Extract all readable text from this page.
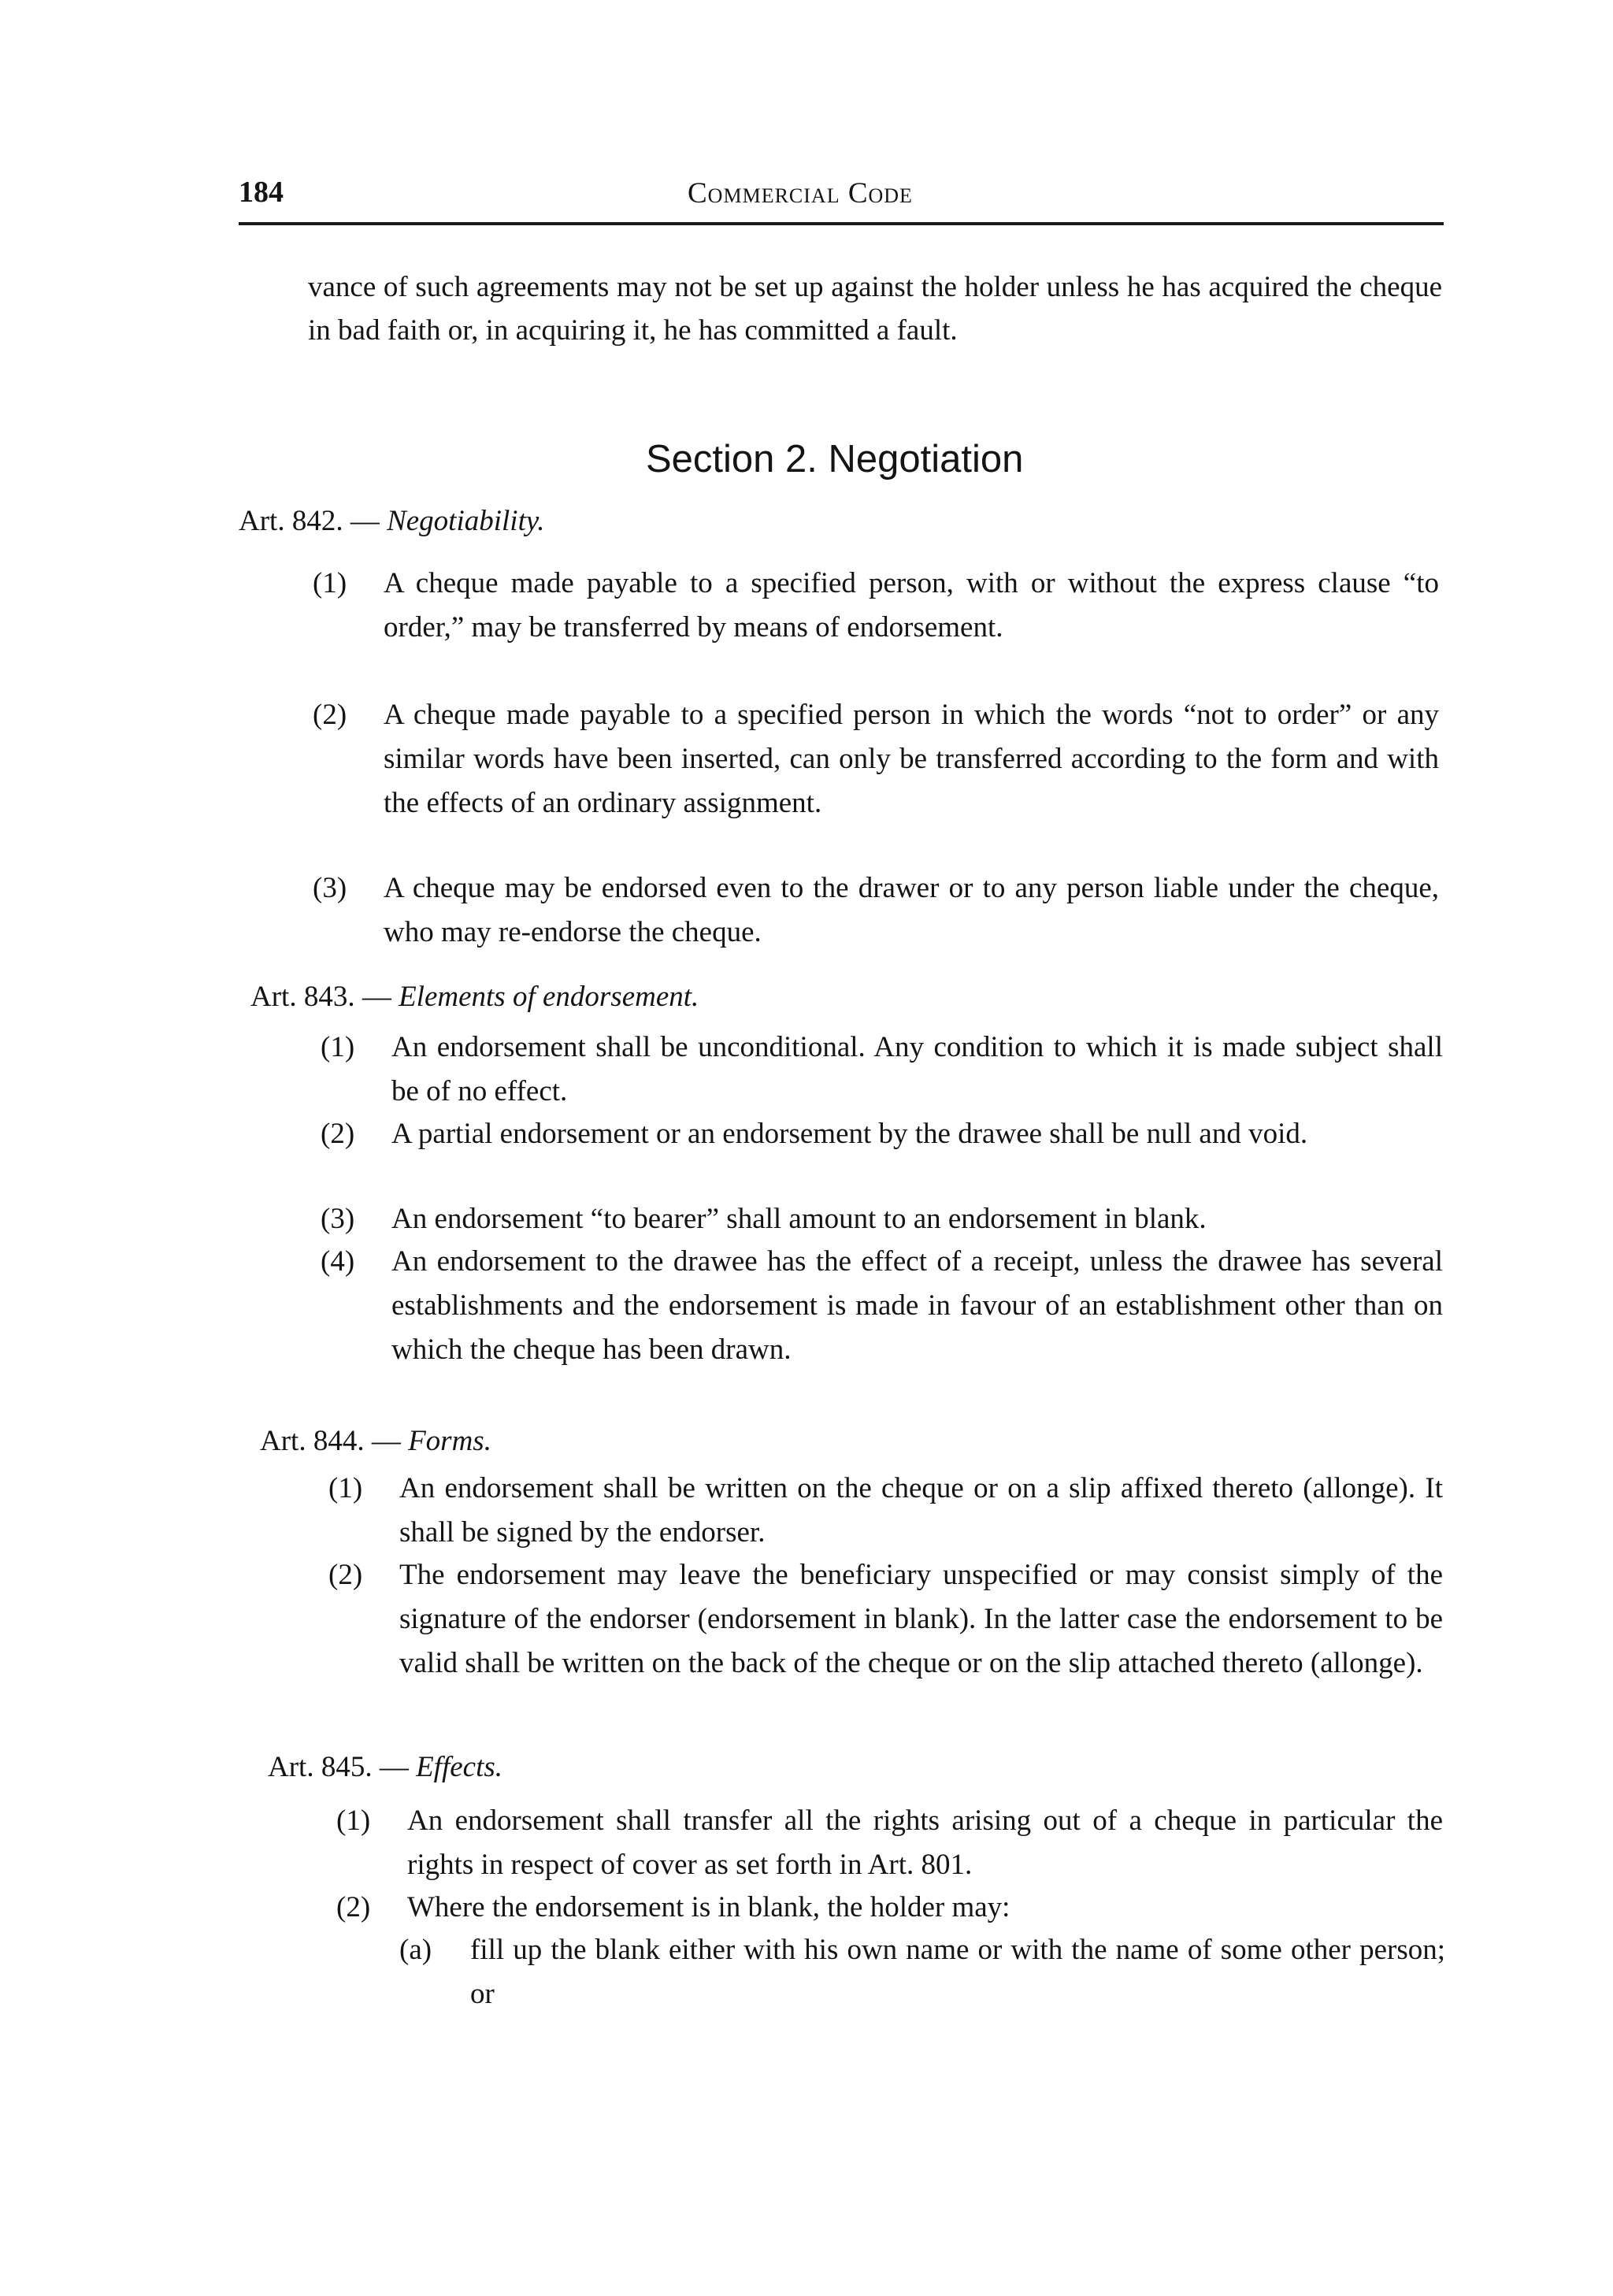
184	Commercial Code
vance of such agreements may not be set up against the holder unless he has acquired the cheque in bad faith or, in acquiring it, he has committed a fault.
Section 2. Negotiation
Art. 842. — Negotiability.
(1) A cheque made payable to a specified person, with or without the express clause “to order,” may be transferred by means of endorsement.
(2) A cheque made payable to a specified person in which the words “not to order” or any similar words have been inserted, can only be transferred according to the form and with the effects of an ordinary assignment.
(3) A cheque may be endorsed even to the drawer or to any person liable under the cheque, who may re-endorse the cheque.
Art. 843. — Elements of endorsement.
(1) An endorsement shall be unconditional. Any condition to which it is made subject shall be of no effect.
(2) A partial endorsement or an endorsement by the drawee shall be null and void.
(3) An endorsement “to bearer” shall amount to an endorsement in blank.
(4) An endorsement to the drawee has the effect of a receipt, unless the drawee has several establishments and the endorsement is made in favour of an establishment other than on which the cheque has been drawn.
Art. 844. — Forms.
(1) An endorsement shall be written on the cheque or on a slip affixed thereto (allonge). It shall be signed by the endorser.
(2) The endorsement may leave the beneficiary unspecified or may consist simply of the signature of the endorser (endorsement in blank). In the latter case the endorsement to be valid shall be written on the back of the cheque or on the slip attached thereto (allonge).
Art. 845. — Effects.
(1) An endorsement shall transfer all the rights arising out of a cheque in particular the rights in respect of cover as set forth in Art. 801.
(2) Where the endorsement is in blank, the holder may:
(a) fill up the blank either with his own name or with the name of some other person; or
